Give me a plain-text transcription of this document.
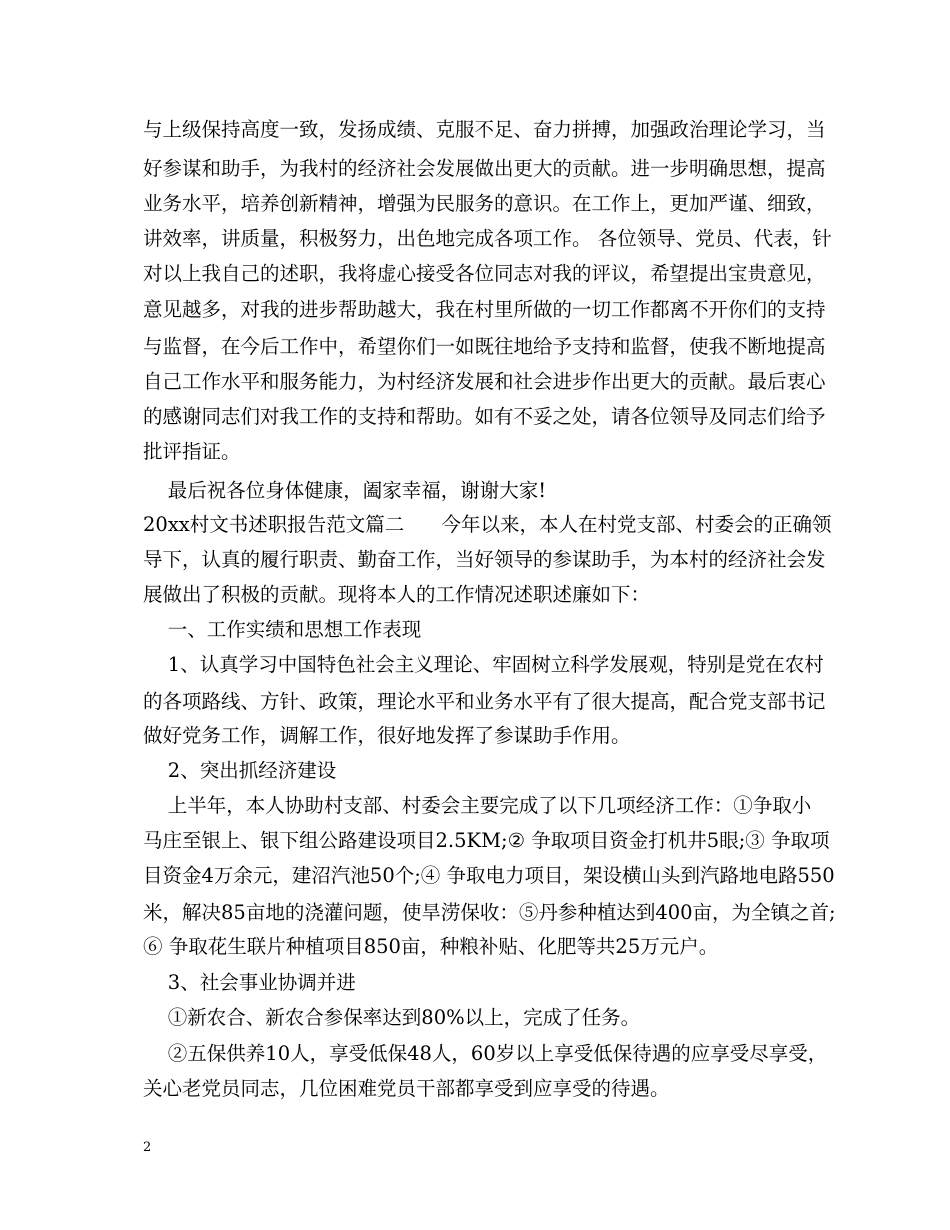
与上级保持高度一致，发扬成绩、克服不足、奋力拼搏，加强政治理论学习，当
好参谋和助手，为我村的经济社会发展做出更大的贡献。进一步明确思想，提高
业务水平，培养创新精神，增强为民服务的意识。在工作上，更加严谨、细致，
讲效率，讲质量，积极努力，出色地完成各项工作。 各位领导、党员、代表，针
对以上我自己的述职，我将虚心接受各位同志对我的评议，希望提出宝贵意见，
意见越多，对我的进步帮助越大，我在村里所做的一切工作都离不开你们的支持
与监督，在今后工作中，希望你们一如既往地给予支持和监督，使我不断地提高
自己工作水平和服务能力，为村经济发展和社会进步作出更大的贡献。最后衷心
的感谢同志们对我工作的支持和帮助。如有不妥之处，请各位领导及同志们给予
批评指证。
最后祝各位身体健康，阖家幸福，谢谢大家!
20xx村文书述职报告范文篇二      今年以来，本人在村党支部、村委会的正确领
导下，认真的履行职责、勤奋工作，当好领导的参谋助手，为本村的经济社会发
展做出了积极的贡献。现将本人的工作情况述职述廉如下：
一、工作实绩和思想工作表现
1、认真学习中国特色社会主义理论、牢固树立科学发展观，特别是党在农村
的各项路线、方针、政策，理论水平和业务水平有了很大提高，配合党支部书记
做好党务工作，调解工作，很好地发挥了参谋助手作用。
2、突出抓经济建设
上半年，本人协助村支部、村委会主要完成了以下几项经济工作：①争取小
马庄至银上、银下组公路建设项目2.5KM;② 争取项目资金打机井5眼;③ 争取项
目资金4万余元，建沼汽池50个;④ 争取电力项目，架设横山头到汽路地电路550
米，解决85亩地的浇灌问题，使旱涝保收：⑤丹参种植达到400亩，为全镇之首;
⑥ 争取花生联片种植项目850亩，种粮补贴、化肥等共25万元户。
3、社会事业协调并进
①新农合、新农合参保率达到80%以上，完成了任务。
②五保供养10人，享受低保48人，60岁以上享受低保待遇的应享受尽享受，
关心老党员同志，几位困难党员干部都享受到应享受的待遇。
2
